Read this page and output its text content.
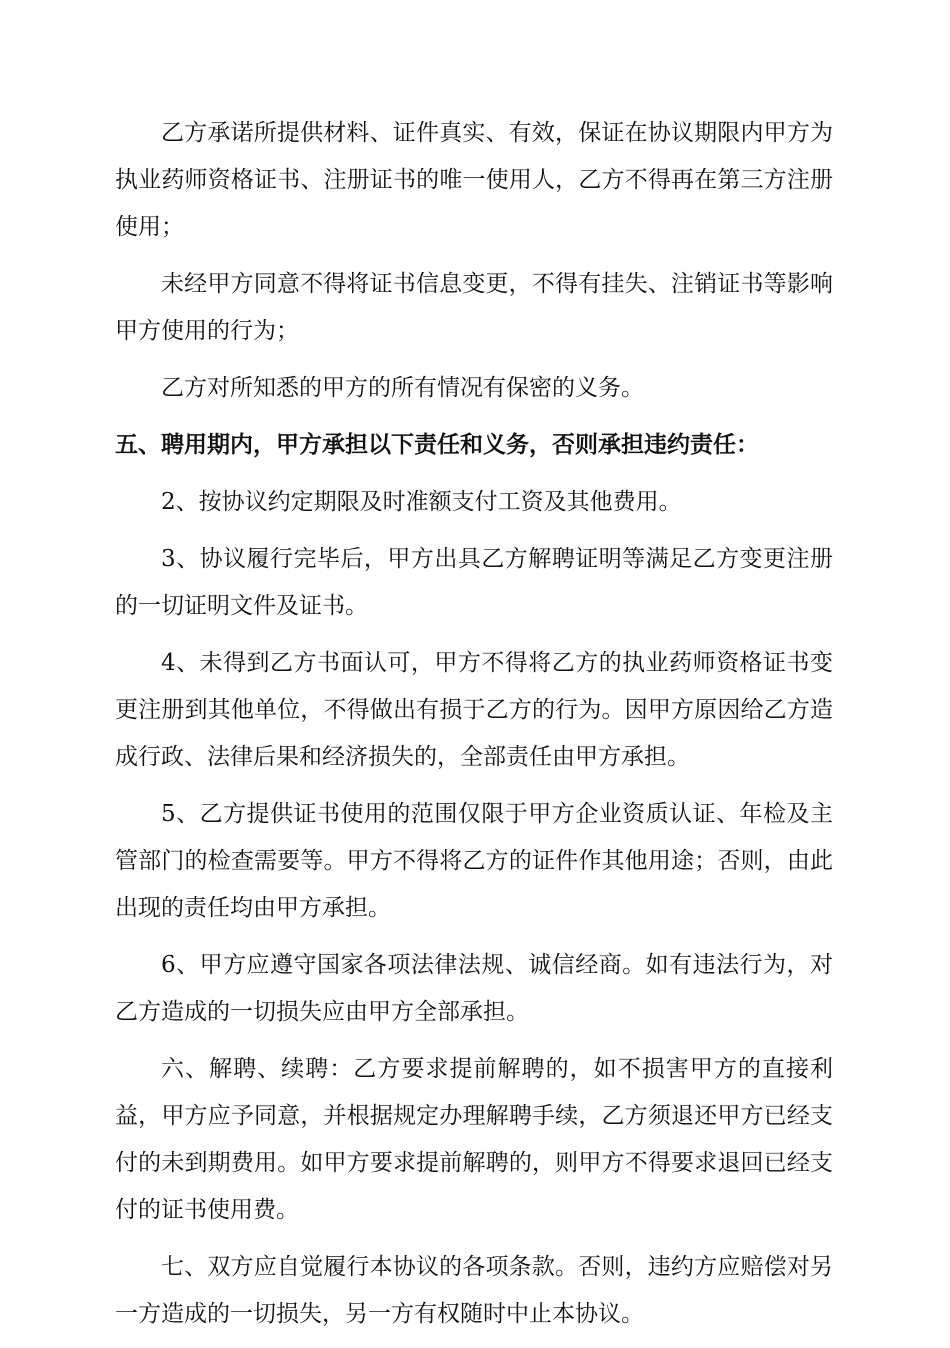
乙方承诺所提供材料、证件真实、有效，保证在协议期限内甲方为执业药师资格证书、注册证书的唯一使用人，乙方不得再在第三方注册使用；

未经甲方同意不得将证书信息变更，不得有挂失、注销证书等影响甲方使用的行为；

乙方对所知悉的甲方的所有情况有保密的义务。

五、聘用期内，甲方承担以下责任和义务，否则承担违约责任：

2、按协议约定期限及时准额支付工资及其他费用。

3、协议履行完毕后，甲方出具乙方解聘证明等满足乙方变更注册的一切证明文件及证书。

4、未得到乙方书面认可，甲方不得将乙方的执业药师资格证书变更注册到其他单位，不得做出有损于乙方的行为。因甲方原因给乙方造成行政、法律后果和经济损失的，全部责任由甲方承担。

5、乙方提供证书使用的范围仅限于甲方企业资质认证、年检及主管部门的检查需要等。甲方不得将乙方的证件作其他用途；否则，由此出现的责任均由甲方承担。

6、甲方应遵守国家各项法律法规、诚信经商。如有违法行为，对乙方造成的一切损失应由甲方全部承担。

六、解聘、续聘：乙方要求提前解聘的，如不损害甲方的直接利益，甲方应予同意，并根据规定办理解聘手续，乙方须退还甲方已经支付的未到期费用。如甲方要求提前解聘的，则甲方不得要求退回已经支付的证书使用费。

七、双方应自觉履行本协议的各项条款。否则，违约方应赔偿对另一方造成的一切损失，另一方有权随时中止本协议。
